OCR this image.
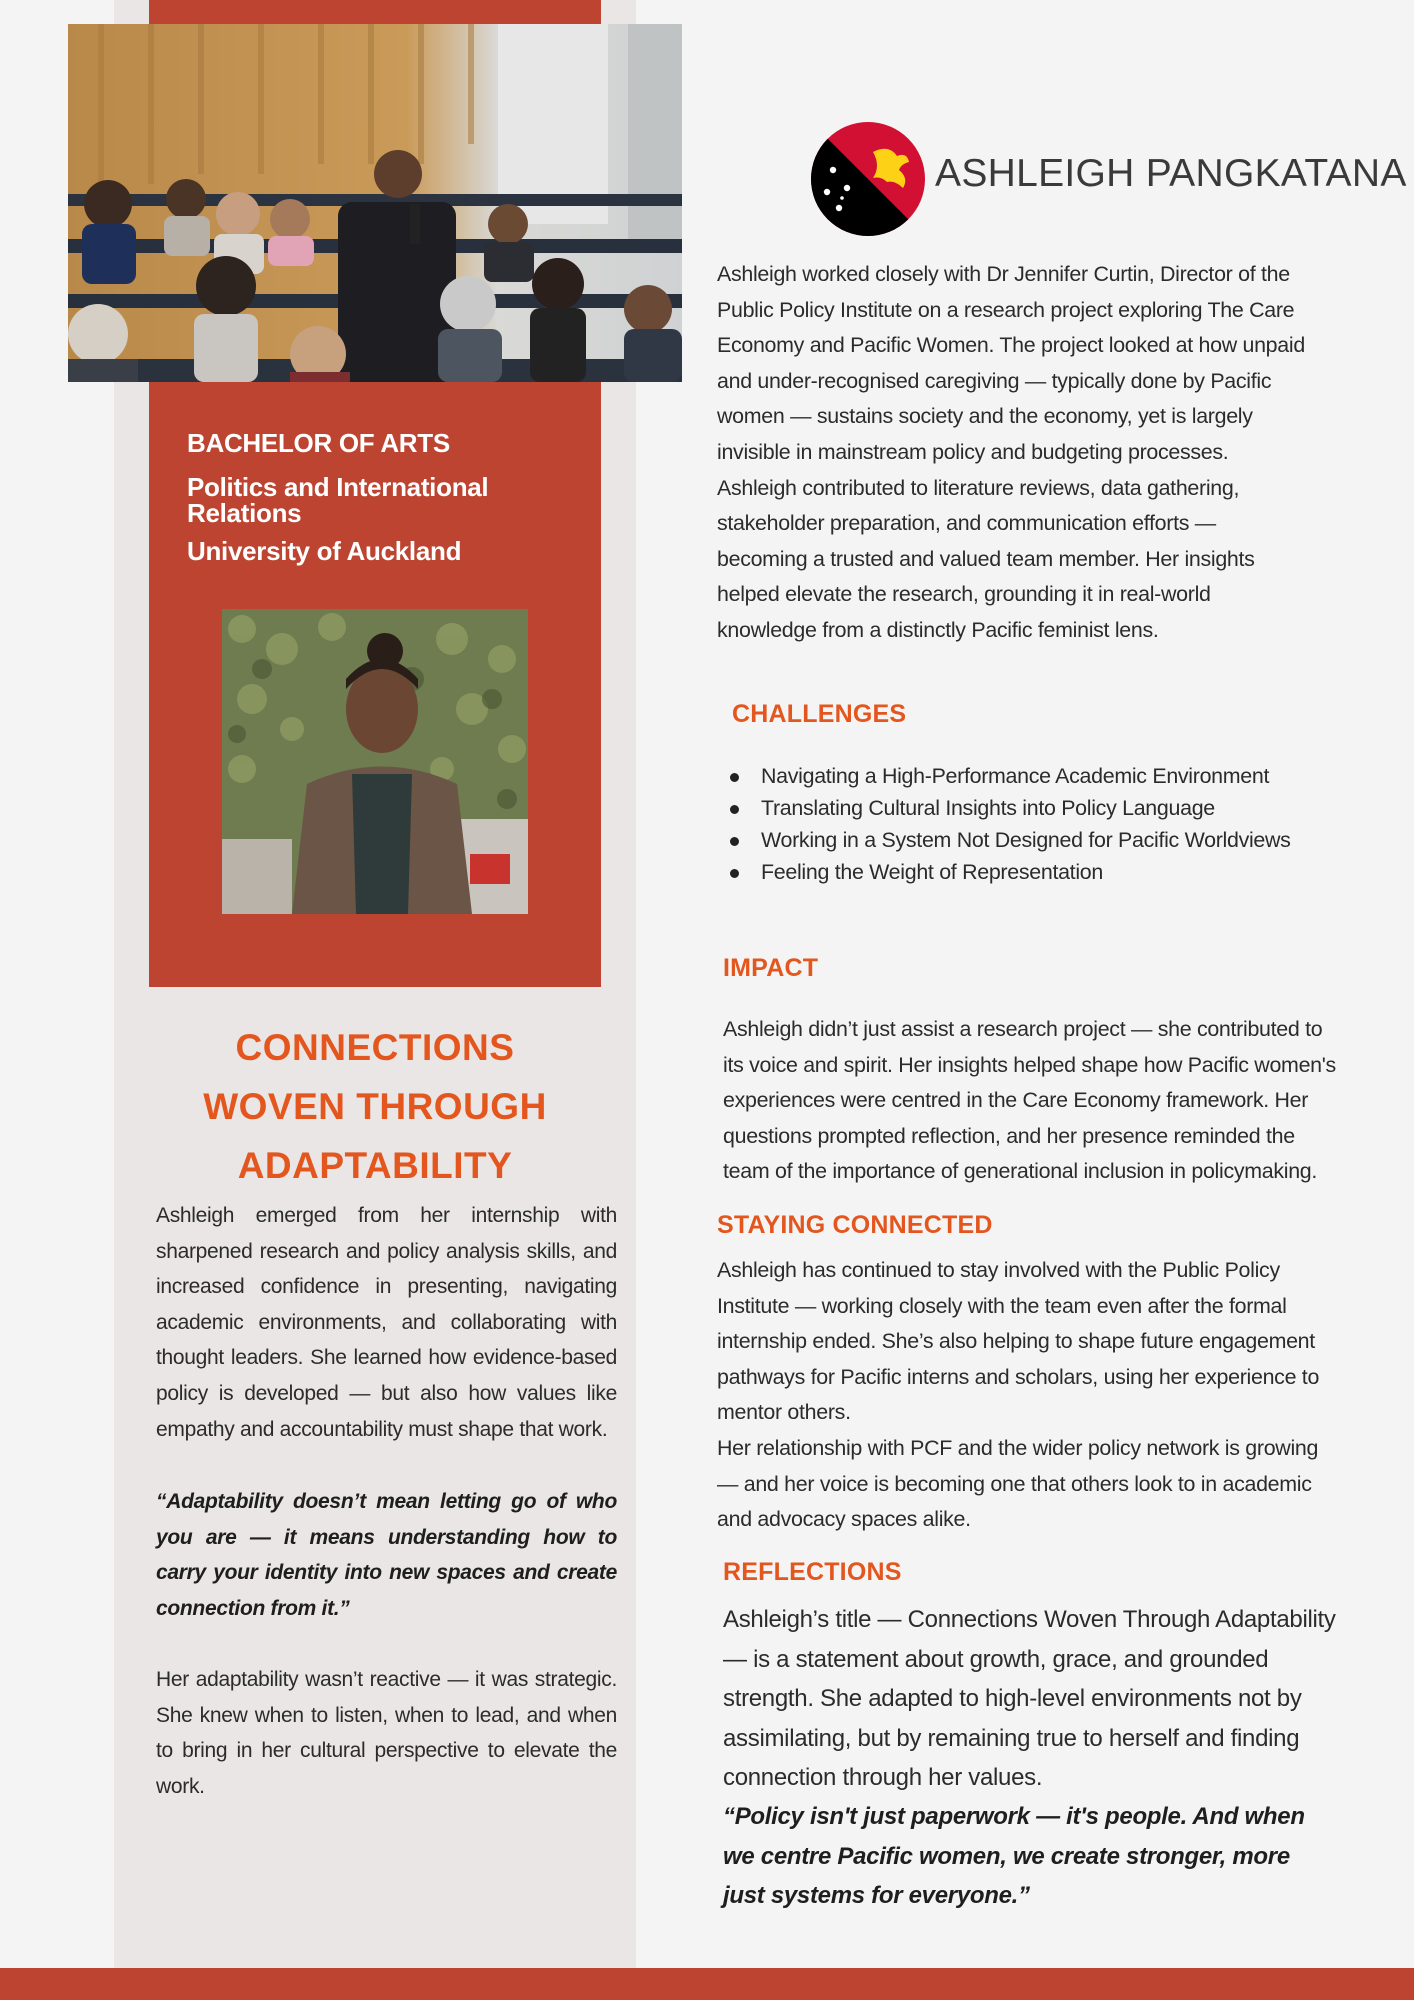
BACHELOR OF ARTS
Politics and International Relations
University of Auckland
CONNECTIONS
WOVEN THROUGH
ADAPTABILITY
Ashleigh emerged from her internship with sharpened research and policy analysis skills, and increased confidence in presenting, navigating academic environments, and collaborating with thought leaders. She learned how evidence-based policy is developed — but also how values like empathy and accountability must shape that work.
“Adaptability doesn’t mean letting go of who you are — it means understanding how to carry your identity into new spaces and create connection from it.”
Her adaptability wasn’t reactive — it was strategic. She knew when to listen, when to lead, and when to bring in her cultural perspective to elevate the work.
ASHLEIGH PANGKATANA
Ashleigh worked closely with Dr Jennifer Curtin, Director of the Public Policy Institute on a research project exploring The Care Economy and Pacific Women. The project looked at how unpaid and under-recognised caregiving — typically done by Pacific women — sustains society and the economy, yet is largely invisible in mainstream policy and budgeting processes. Ashleigh contributed to literature reviews, data gathering, stakeholder preparation, and communication efforts — becoming a trusted and valued team member. Her insights helped elevate the research, grounding it in real-world knowledge from a distinctly Pacific feminist lens.
CHALLENGES
Navigating a High-Performance Academic Environment
Translating Cultural Insights into Policy Language
Working in a System Not Designed for Pacific Worldviews
Feeling the Weight of Representation
IMPACT
Ashleigh didn’t just assist a research project — she contributed to its voice and spirit. Her insights helped shape how Pacific women's experiences were centred in the Care Economy framework. Her questions prompted reflection, and her presence reminded the team of the importance of generational inclusion in policymaking.
STAYING CONNECTED
Ashleigh has continued to stay involved with the Public Policy Institute — working closely with the team even after the formal internship ended. She’s also helping to shape future engagement pathways for Pacific interns and scholars, using her experience to mentor others.
Her relationship with PCF and the wider policy network is growing — and her voice is becoming one that others look to in academic and advocacy spaces alike.
REFLECTIONS
Ashleigh’s title — Connections Woven Through Adaptability — is a statement about growth, grace, and grounded strength. She adapted to high-level environments not by assimilating, but by remaining true to herself and finding connection through her values.
“Policy isn't just paperwork — it's people. And when we centre Pacific women, we create stronger, more just systems for everyone.”
